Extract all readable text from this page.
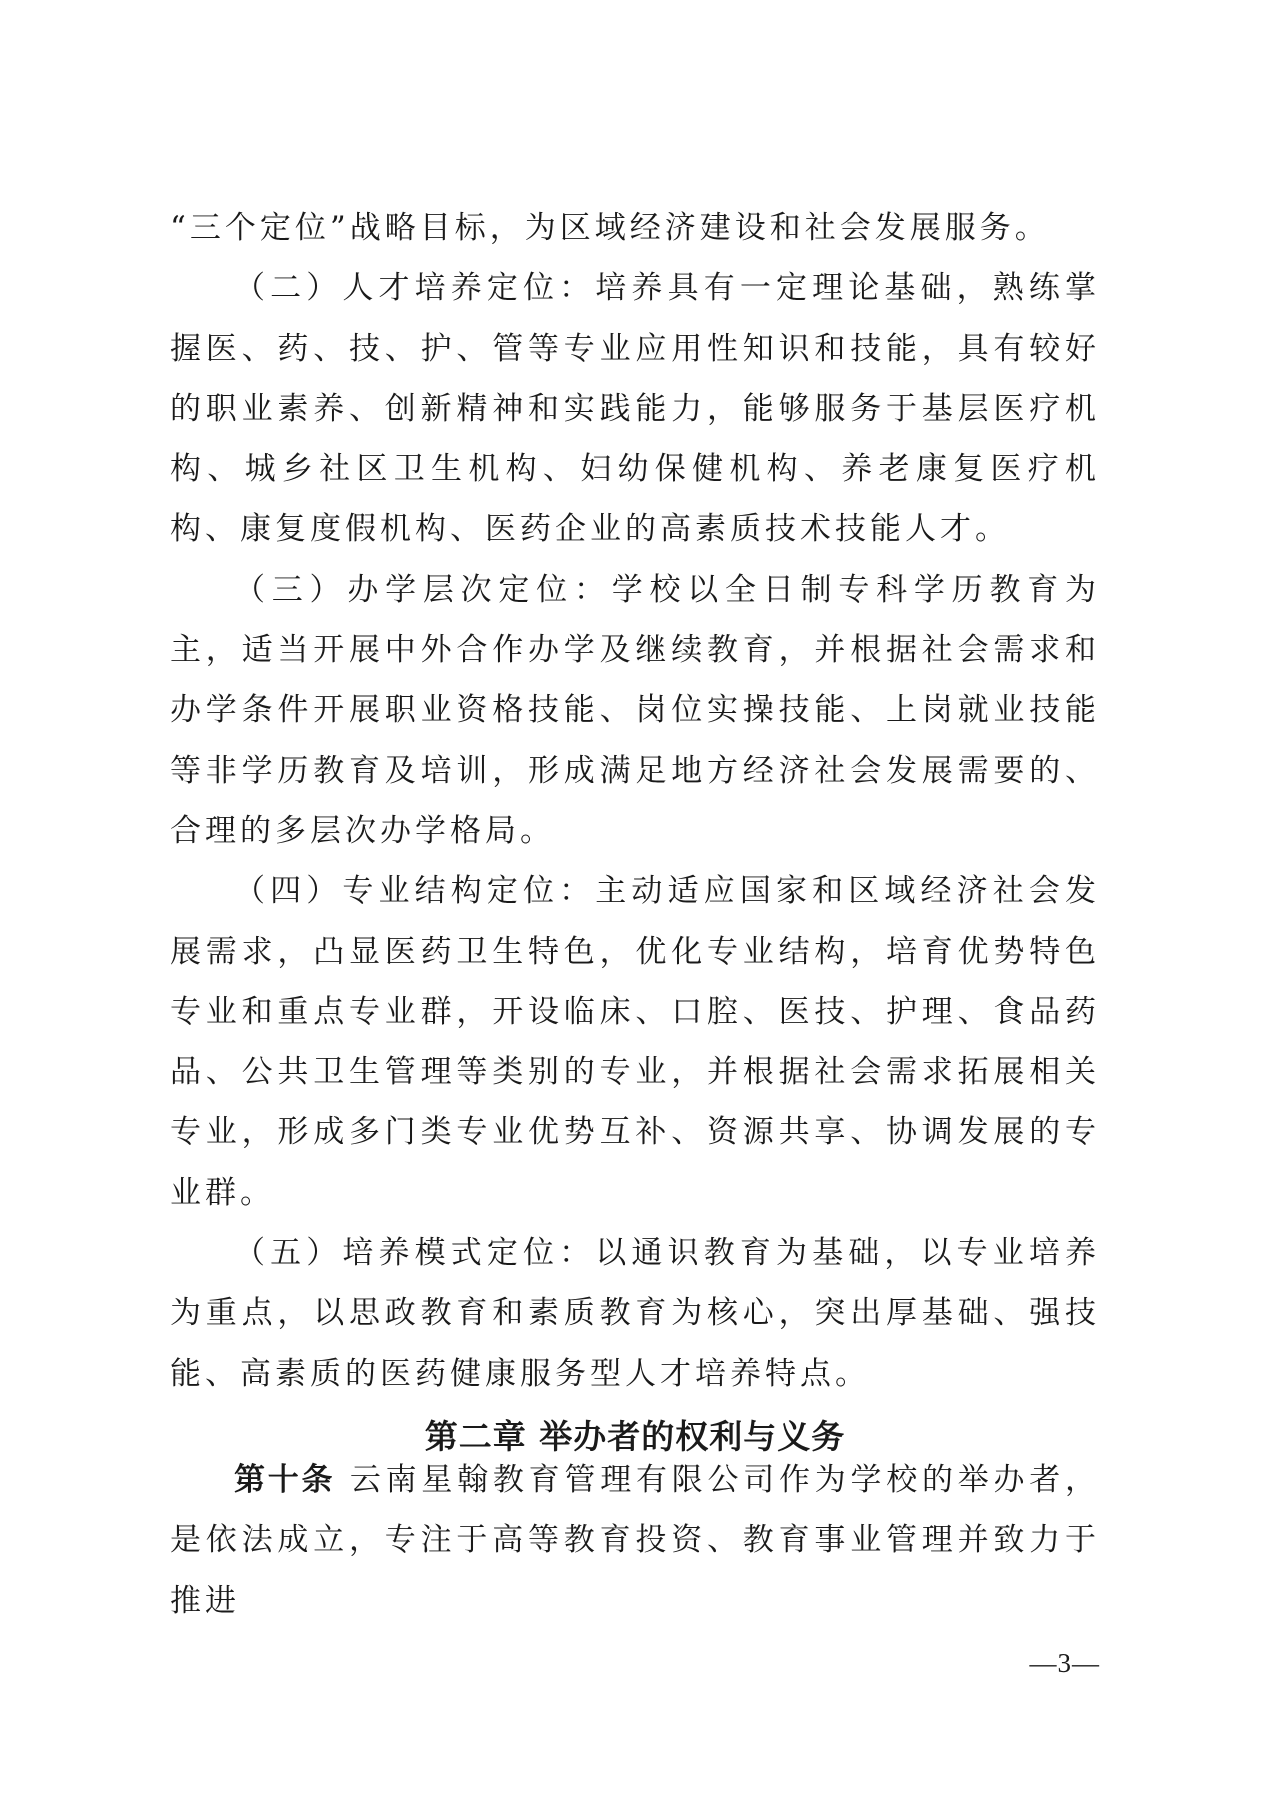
“三个定位”战略目标，为区域经济建设和社会发展服务。

（二）人才培养定位：培养具有一定理论基础，熟练掌握医、药、技、护、管等专业应用性知识和技能，具有较好的职业素养、创新精神和实践能力，能够服务于基层医疗机构、城乡社区卫生机构、妇幼保健机构、养老康复医疗机构、康复度假机构、医药企业的高素质技术技能人才。

（三）办学层次定位：学校以全日制专科学历教育为主，适当开展中外合作办学及继续教育，并根据社会需求和办学条件开展职业资格技能、岗位实操技能、上岗就业技能等非学历教育及培训，形成满足地方经济社会发展需要的、合理的多层次办学格局。

（四）专业结构定位：主动适应国家和区域经济社会发展需求，凸显医药卫生特色，优化专业结构，培育优势特色专业和重点专业群，开设临床、口腔、医技、护理、食品药品、公共卫生管理等类别的专业，并根据社会需求拓展相关专业，形成多门类专业优势互补、资源共享、协调发展的专业群。

（五）培养模式定位：以通识教育为基础，以专业培养为重点，以思政教育和素质教育为核心，突出厚基础、强技能、高素质的医药健康服务型人才培养特点。

第二章 举办者的权利与义务

第十条 云南星翰教育管理有限公司作为学校的举办者，是依法成立，专注于高等教育投资、教育事业管理并致力于推进

—3—
